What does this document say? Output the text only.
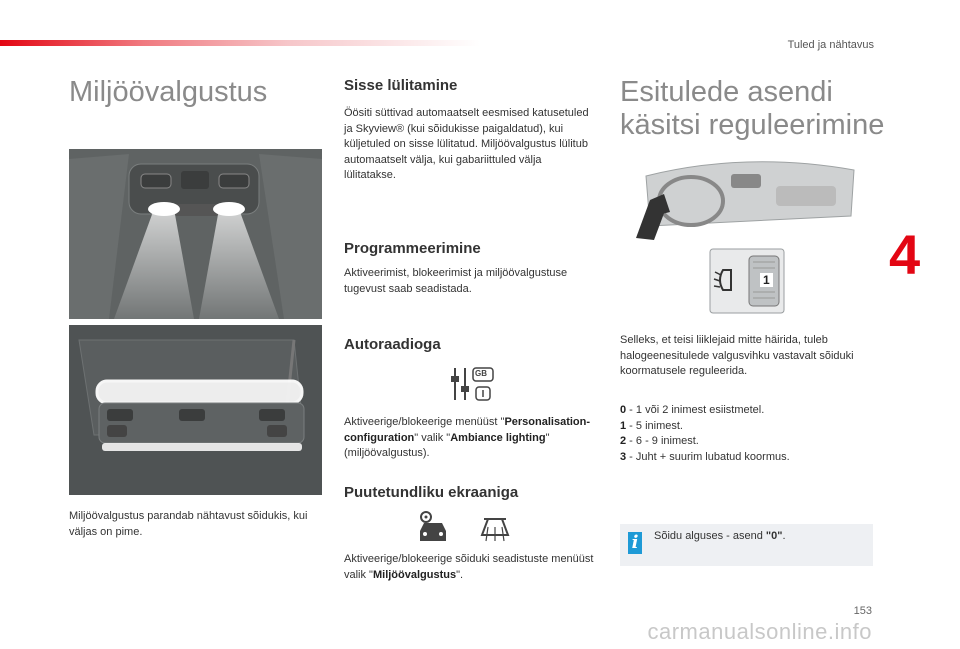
Tuled ja nähtavus
4
Miljöövalgustus

Miljöövalgustus parandab nähtavust sõidukis, kui väljas on pime.

Sisse lülitamine

Öösiti süttivad automaatselt eesmised katusetuled ja Skyview® (kui sõidukisse paigaldatud), kui küljetuled on sisse lülitatud. Miljöövalgustus lülitub automaatselt välja, kui gabariittuled välja lülitatakse.

Programmeerimine

Aktiveerimist, blokeerimist ja miljöövalgustuse tugevust saab seadistada.

Autoraadioga
GB

Aktiveerige/blokeerige menüüst "Personalisation-configuration" valik "Ambiance lighting" (miljöövalgustus).

Puutetundliku ekraaniga

Aktiveerige/blokeerige sõiduki seadistuste menüüst valik "Miljöövalgustus".

Esitulede asendi
käsitsi reguleerimine
1

Selleks, et teisi liiklejaid mitte häirida, tuleb halogeenesitulede valgusvihku vastavalt sõiduki koormatusele reguleerida.

0 - 1 või 2 inimest esiistmetel.
1 - 5 inimest.
2 - 6 - 9 inimest.
3 - Juht + suurim lubatud koormus.
i	Sõidu alguses - asend "0".
153
carmanualsonline.info
